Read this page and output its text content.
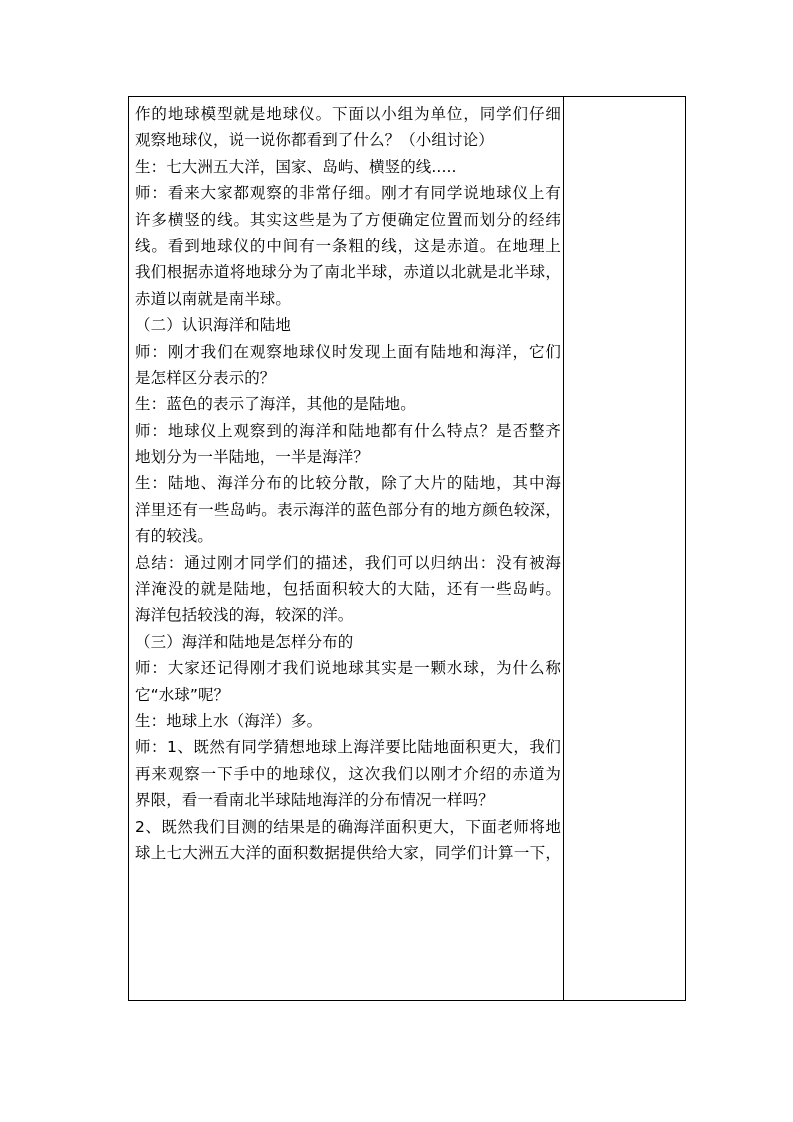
作的地球模型就是地球仪。下面以小组为单位，同学们仔细
观察地球仪，说一说你都看到了什么？（小组讨论）
生：七大洲五大洋，国家、岛屿、横竖的线.....
师：看来大家都观察的非常仔细。刚才有同学说地球仪上有
许多横竖的线。其实这些是为了方便确定位置而划分的经纬
线。看到地球仪的中间有一条粗的线，这是赤道。在地理上
我们根据赤道将地球分为了南北半球，赤道以北就是北半球，
赤道以南就是南半球。
（二）认识海洋和陆地
师：刚才我们在观察地球仪时发现上面有陆地和海洋，它们
是怎样区分表示的？
生：蓝色的表示了海洋，其他的是陆地。
师：地球仪上观察到的海洋和陆地都有什么特点？是否整齐
地划分为一半陆地，一半是海洋？
生：陆地、海洋分布的比较分散，除了大片的陆地，其中海
洋里还有一些岛屿。表示海洋的蓝色部分有的地方颜色较深，
有的较浅。
总结：通过刚才同学们的描述，我们可以归纳出：没有被海
洋淹没的就是陆地，包括面积较大的大陆，还有一些岛屿。
海洋包括较浅的海，较深的洋。
（三）海洋和陆地是怎样分布的
师：大家还记得刚才我们说地球其实是一颗水球，为什么称
它“水球”呢？
生：地球上水（海洋）多。
师：1、既然有同学猜想地球上海洋要比陆地面积更大，我们
再来观察一下手中的地球仪，这次我们以刚才介绍的赤道为
界限，看一看南北半球陆地海洋的分布情况一样吗？
2、既然我们目测的结果是的确海洋面积更大，下面老师将地
球上七大洲五大洋的面积数据提供给大家，同学们计算一下，
